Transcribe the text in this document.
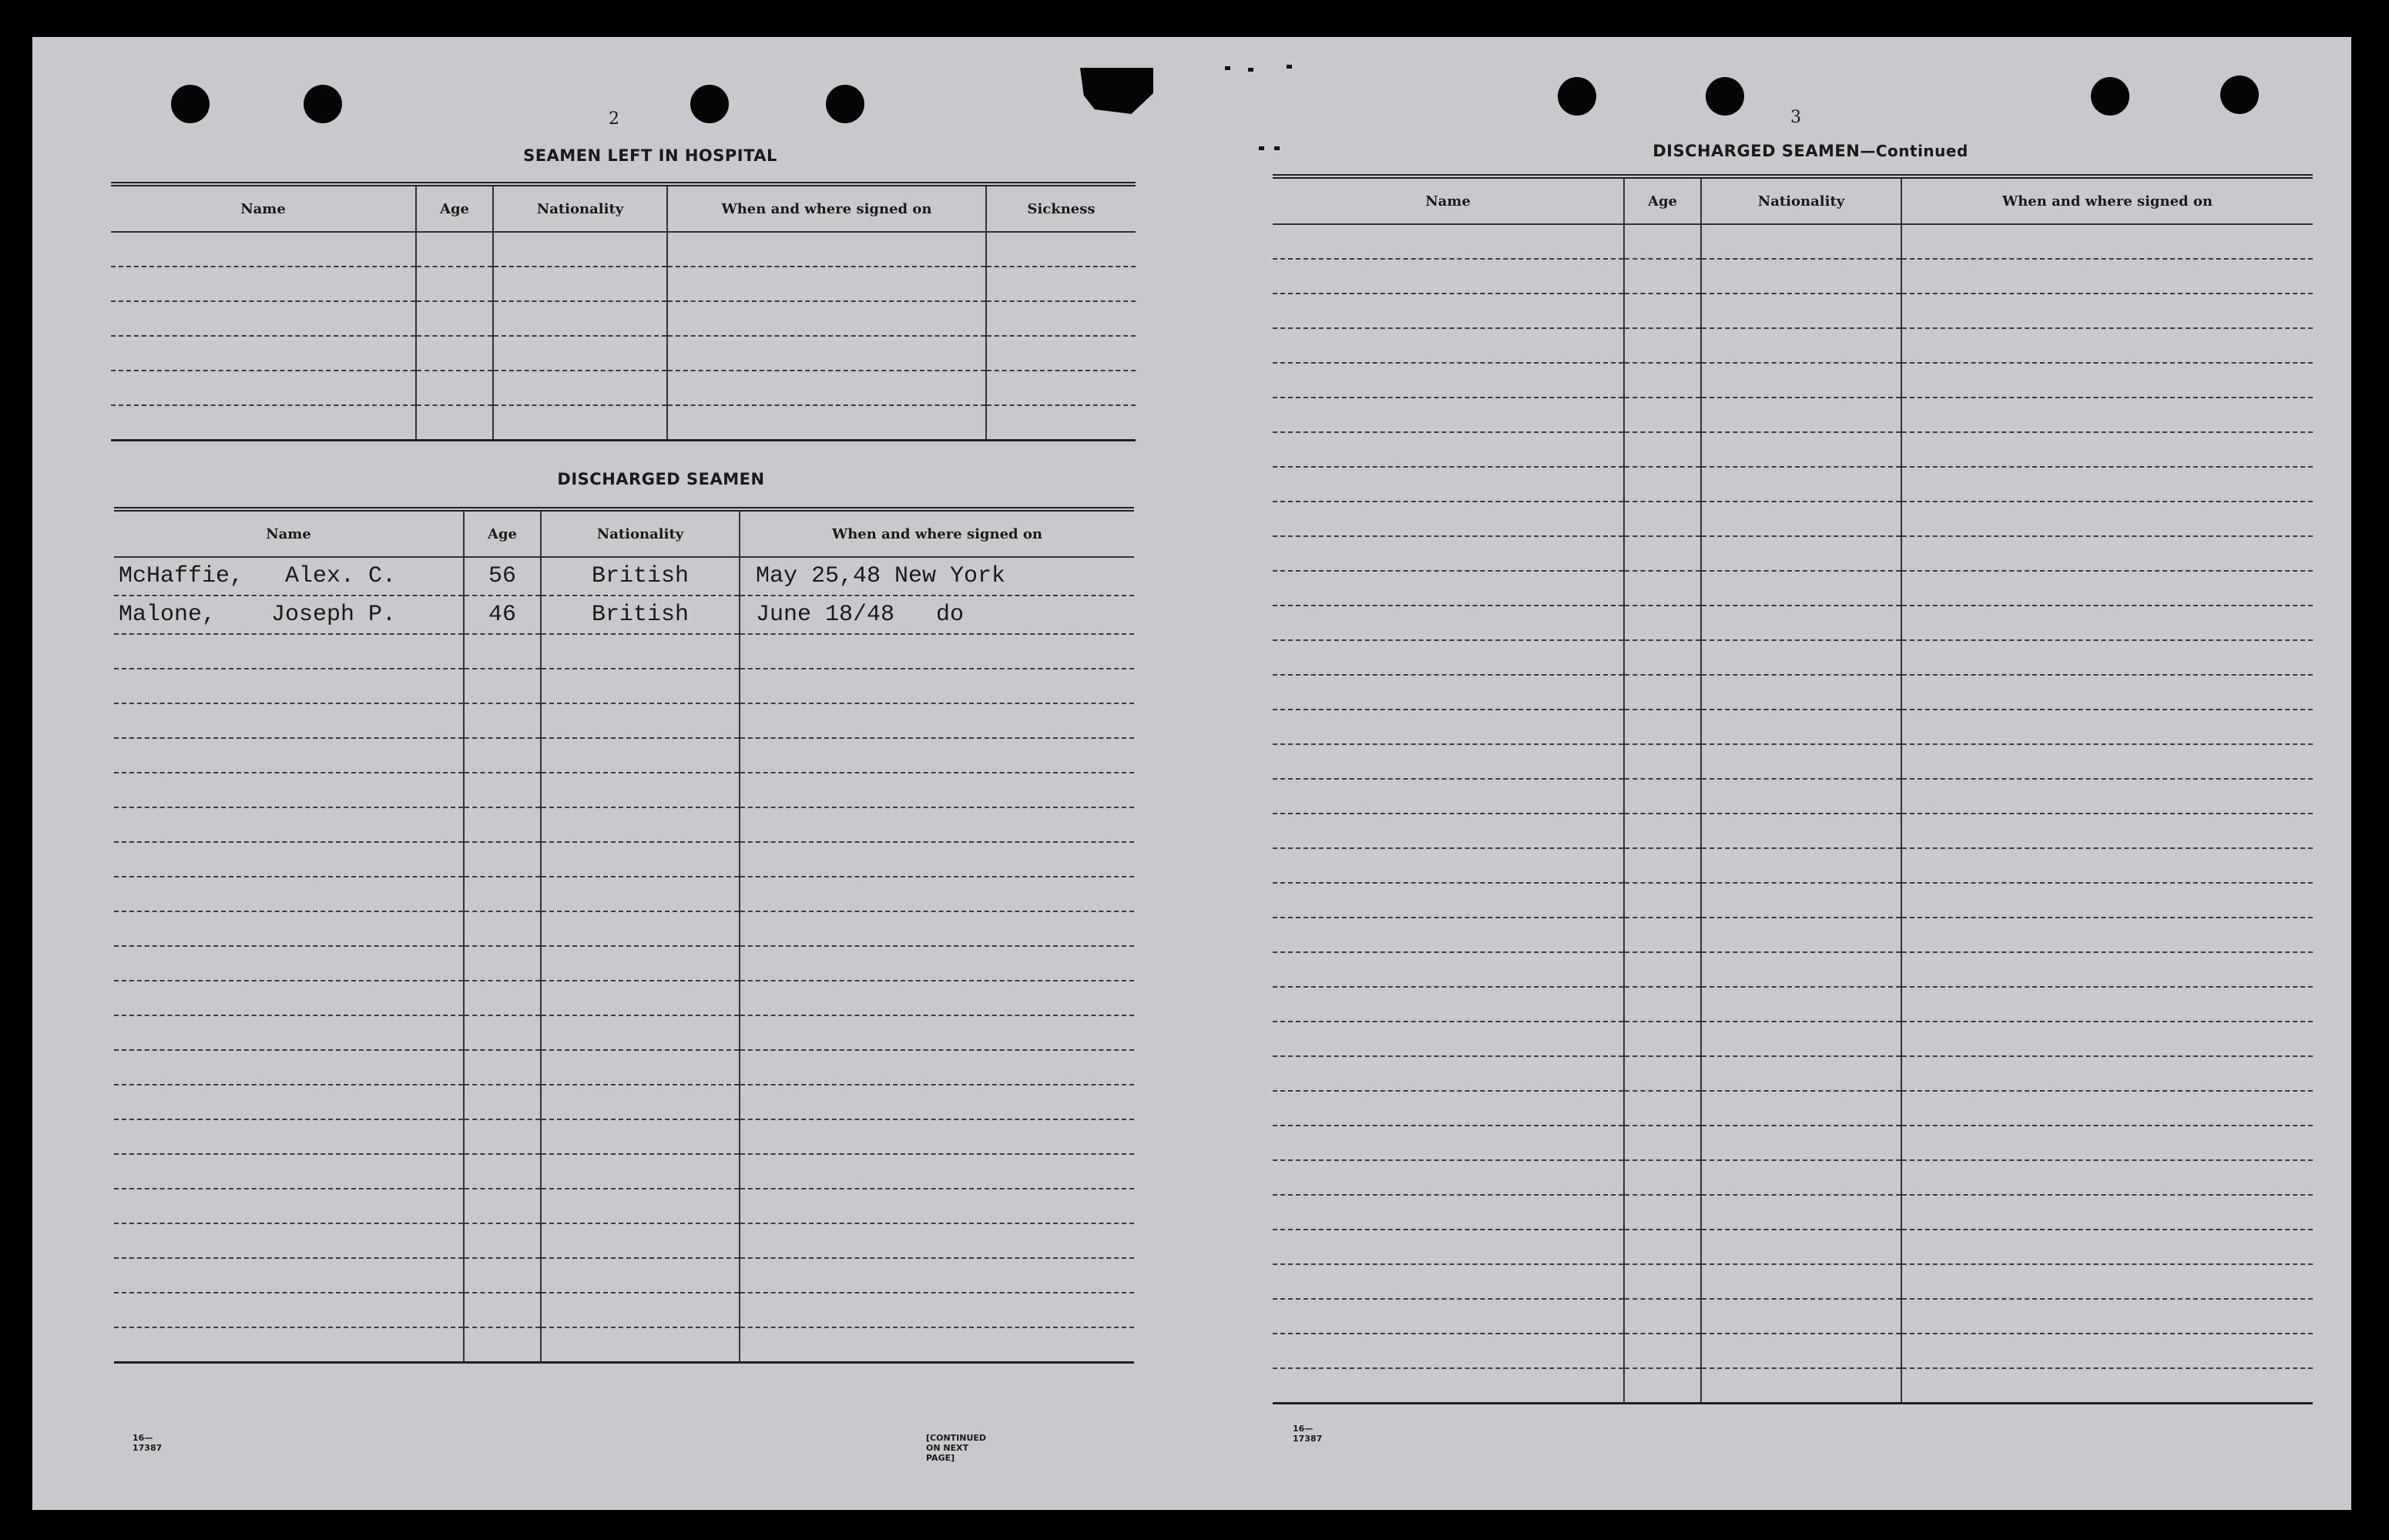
2
SEAMEN LEFT IN HOSPITAL
Name	Age	Nationality	When and where signed on	Sickness

DISCHARGED SEAMEN
Name	Age	Nationality	When and where signed on
McHaffie,   Alex. C.	56	British	May 25,48 New York
Malone,    Joseph P.	46	British	June 18/48   do

16—17387
[CONTINUED ON NEXT PAGE]
3
DISCHARGED SEAMEN—Continued
Name	Age	Nationality	When and where signed on

16—17387
